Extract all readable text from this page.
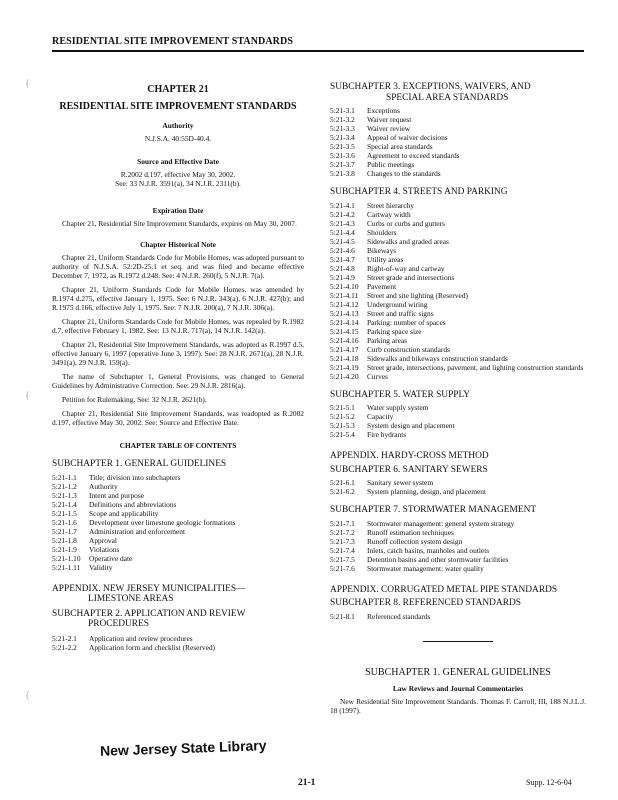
RESIDENTIAL SITE IMPROVEMENT STANDARDS
(
(
(
CHAPTER 21
RESIDENTIAL SITE IMPROVEMENT STANDARDS
Authority
N.J.S.A. 40:55D-40.4.
Source and Effective Date
R.2002 d.197, effective May 30, 2002.
See: 33 N.J.R. 3591(a), 34 N.J.R. 2311(b).
Expiration Date

Chapter 21, Residential Site Improvement Standards, expires on May 30, 2007.

Chapter Historical Note

Chapter 21, Uniform Standards Code for Mobile Homes, was adopted pursuant to authority of N.J.S.A. 52:2D-25.1 et seq. and was filed and became effective December 7, 1972, as R.1972 d.248. See: 4 N.J.R. 260(f), 5 N.J.R. 7(a).

Chapter 21, Uniform Standards Code for Mobile Homes, was amended by R.1974 d.275, effective January 1, 1975. See: 6 N.J.R. 343(a), 6 N.J.R. 427(b); and R.1975 d.166, effective July 1, 1975. See: 7 N.J.R. 200(a), 7 N.J.R. 306(a).

Chapter 21, Uniform Standards Code for Mobile Homes, was repealed by R.1982 d.7, effective February 1, 1982. See: 13 N.J.R. 717(a), 14 N.J.R. 142(a).

Chapter 21, Residential Site Improvement Standards, was adopted as R.1997 d.5, effective January 6, 1997 (operative June 3, 1997). See: 28 N.J.R. 2671(a), 28 N.J.R. 3491(a), 29 N.J.R. 159(a).

The name of Subchapter 1, General Provisions, was changed to General Guidelines by Administrative Correction. See: 29 N.J.R. 2816(a).

Petition for Rulemaking. See: 32 N.J.R. 2621(b).

Chapter 21, Residential Site Improvement Standards, was readopted as R.2002 d.197, effective May 30, 2002. See: Source and Effective Date.

CHAPTER TABLE OF CONTENTS
SUBCHAPTER 1. GENERAL GUIDELINES
5:21-1.1	Title; division into subchapters
5:21-1.2	Authority
5:21-1.3	Intent and purpose
5:21-1.4	Definitions and abbreviations
5:21-1.5	Scope and applicability
5:21-1.6	Development over limestone geologic formations
5:21-1.7	Administration and enforcement
5:21-1.8	Approval
5:21-1.9	Violations
5:21-1.10	Operative date
5:21-1.11	Validity
APPENDIX. NEW JERSEY MUNICIPALITIES—
LIMESTONE AREAS
SUBCHAPTER 2. APPLICATION AND REVIEW
PROCEDURES
5:21-2.1	Application and review procedures
5:21-2.2	Application form and checklist (Reserved)
New Jersey State Library
SUBCHAPTER 3. EXCEPTIONS, WAIVERS, AND
SPECIAL AREA STANDARDS
5:21-3.1	Exceptions
5:21-3.2	Waiver request
5:21-3.3	Waiver review
5:21-3.4	Appeal of waiver decisions
5:21-3.5	Special area standards
5:21-3.6	Agreement to exceed standards
5:21-3.7	Public meetings
5:21-3.8	Changes to the standards
SUBCHAPTER 4. STREETS AND PARKING
5:21-4.1	Street hierarchy
5:21-4.2	Cartway width
5:21-4.3	Curbs or curbs and gutters
5:21-4.4	Shoulders
5:21-4.5	Sidewalks and graded areas
5:21-4.6	Bikeways
5:21-4.7	Utility areas
5:21-4.8	Right-of-way and cartway
5:21-4.9	Street grade and intersections
5:21-4.10	Pavement
5:21-4.11	Street and site lighting (Reserved)
5:21-4.12	Underground wiring
5:21-4.13	Street and traffic signs
5:21-4.14	Parking: number of spaces
5:21-4.15	Parking space size
5:21-4.16	Parking areas
5:21-4.17	Curb construction standards
5:21-4.18	Sidewalks and bikeways construction standards
5:21-4.19	Street grade, intersections, pavement, and lighting construction standards
5:21-4.20	Curves
SUBCHAPTER 5. WATER SUPPLY
5:21-5.1	Water supply system
5:21-5.2	Capacity
5:21-5.3	System design and placement
5:21-5.4	Fire hydrants
APPENDIX. HARDY-CROSS METHOD
SUBCHAPTER 6. SANITARY SEWERS
5:21-6.1	Sanitary sewer system
5:21-6.2	System planning, design, and placement
SUBCHAPTER 7. STORMWATER MANAGEMENT
5:21-7.1	Stormwater management: general system strategy
5:21-7.2	Runoff estimation techniques
5:21-7.3	Runoff collection system design
5:21-7.4	Inlets, catch basins, manholes and outlets
5:21-7.5	Detention basins and other stormwater facilities
5:21-7.6	Stormwater management: water quality
APPENDIX. CORRUGATED METAL PIPE STANDARDS
SUBCHAPTER 8. REFERENCED STANDARDS
5:21-8.1	Referenced standards
SUBCHAPTER 1. GENERAL GUIDELINES
Law Reviews and Journal Commentaries

New Residential Site Improvement Standards. Thomas F. Carroll, III, 188 N.J.L.J. 18 (1997).

21-1	Supp. 12-6-04
